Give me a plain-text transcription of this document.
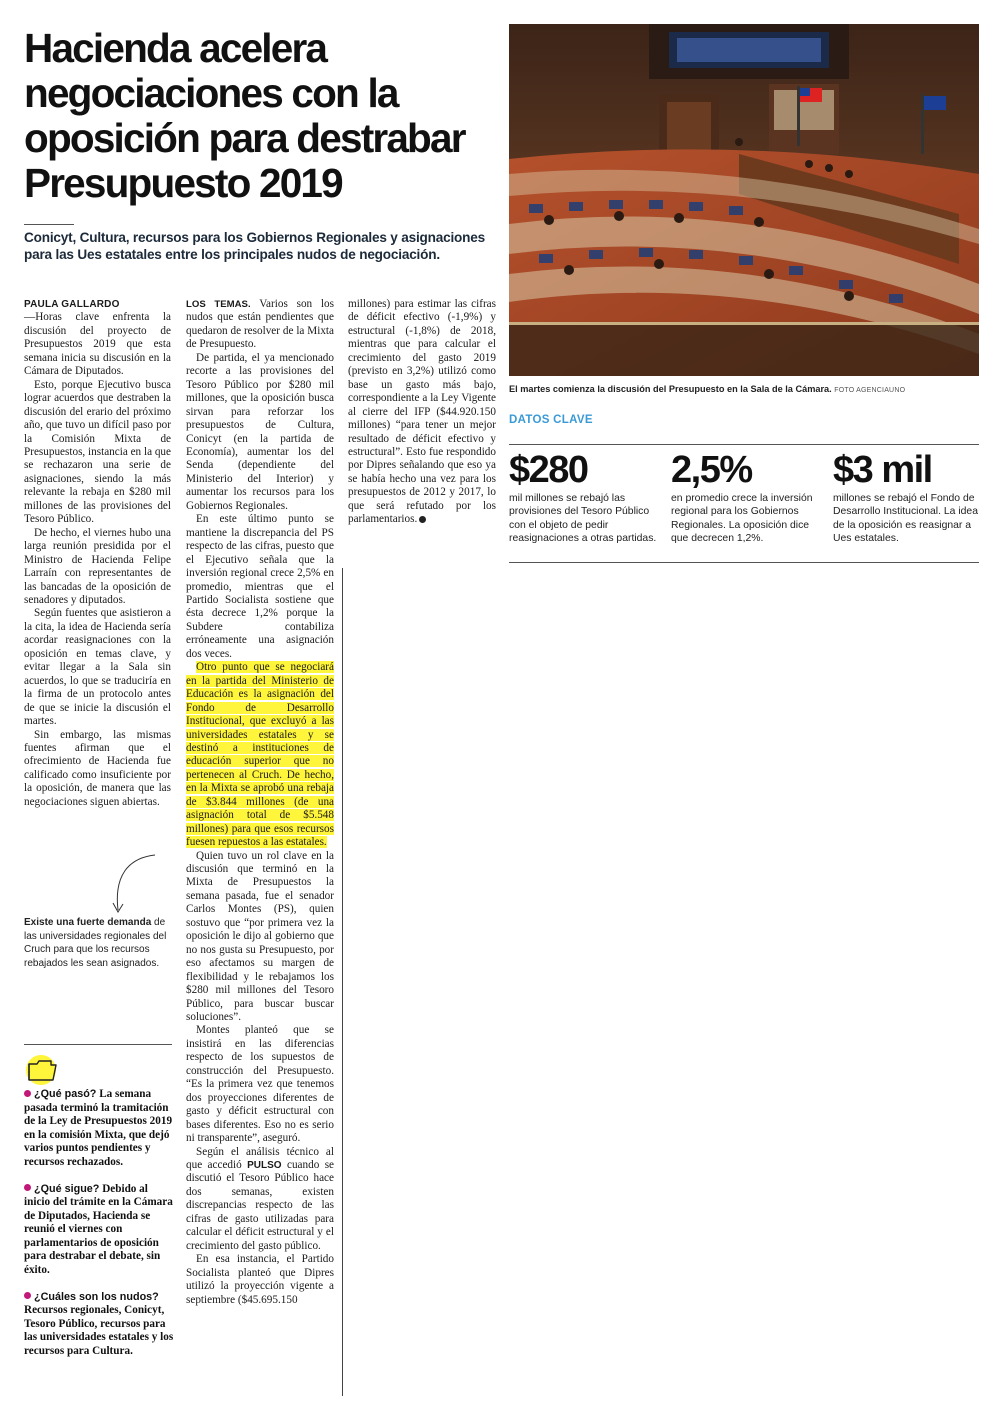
Hacienda acelera negociaciones con la oposición para destrabar Presupuesto 2019

Conicyt, Cultura, recursos para los Gobiernos Regionales y asignaciones para las Ues estatales entre los principales nudos de negociación.

PAULA GALLARDO

—Horas clave enfrenta la discusión del proyecto de Presupuestos 2019 que esta semana inicia su discusión en la Cámara de Diputados.

Esto, porque Ejecutivo busca lograr acuerdos que destraben la discusión del erario del próximo año, que tuvo un difícil paso por la Comisión Mixta de Presupuestos, instancia en la que se rechazaron una serie de asignaciones, siendo la más relevante la rebaja en $280 mil millones de las provisiones del Tesoro Público.

De hecho, el viernes hubo una larga reunión presidida por el Ministro de Hacienda Felipe Larraín con representantes de las bancadas de la oposición de senadores y diputados.

Según fuentes que asistieron a la cita, la idea de Hacienda sería acordar reasignaciones con la oposición en temas clave, y evitar llegar a la Sala sin acuerdos, lo que se traduciría en la firma de un protocolo antes de que se inicie la discusión el martes.

Sin embargo, las mismas fuentes afirman que el ofrecimiento de Hacienda fue calificado como insuficiente por la oposición, de manera que las negociaciones siguen abiertas.

Existe una fuerte demanda de las universidades regionales del Cruch para que los recursos rebajados les sean asignados.
¿Qué pasó? La semana pasada terminó la tramitación de la Ley de Presupuestos 2019 en la comisión Mixta, que dejó varios puntos pendientes y recursos rechazados.
¿Qué sigue? Debido al inicio del trámite en la Cámara de Diputados, Hacienda se reunió el viernes con parlamentarios de oposición para destrabar el debate, sin éxito.
¿Cuáles son los nudos? Recursos regionales, Conicyt, Tesoro Público, recursos para las universidades estatales y los recursos para Cultura.

LOS TEMAS. Varios son los nudos que están pendientes que quedaron de resolver de la Mixta de Presupuesto.

De partida, el ya mencionado recorte a las provisiones del Tesoro Público por $280 mil millones, que la oposición busca sirvan para reforzar los presupuestos de Cultura, Conicyt (en la partida de Economía), aumentar los del Senda (dependiente del Ministerio del Interior) y aumentar los recursos para los Gobiernos Regionales.

En este último punto se mantiene la discrepancia del PS respecto de las cifras, puesto que el Ejecutivo señala que la inversión regional crece 2,5% en promedio, mientras que el Partido Socialista sostiene que ésta decrece 1,2% porque la Subdere contabiliza erróneamente una asignación dos veces.

Otro punto que se negociará en la partida del Ministerio de Educación es la asignación del Fondo de Desarrollo Institucional, que excluyó a las universidades estatales y se destinó a instituciones de educación superior que no pertenecen al Cruch. De hecho, en la Mixta se aprobó una rebaja de $3.844 millones (de una asignación total de $5.548 millones) para que esos recursos fuesen repuestos a las estatales.

Quien tuvo un rol clave en la discusión que terminó en la Mixta de Presupuestos la semana pasada, fue el senador Carlos Montes (PS), quien sostuvo que “por primera vez la oposición le dijo al gobierno que no nos gusta su Presupuesto, por eso afectamos su margen de flexibilidad y le rebajamos los $280 mil millones del Tesoro Público, para buscar buscar soluciones”.

Montes planteó que se insistirá en las diferencias respecto de los supuestos de construcción del Presupuesto. “Es la primera vez que tenemos dos proyecciones diferentes de gasto y déficit estructural con bases diferentes. Eso no es serio ni transparente”, aseguró.

Según el análisis técnico al que accedió PULSO cuando se discutió el Tesoro Público hace dos semanas, existen discrepancias respecto de las cifras de gasto utilizadas para calcular el déficit estructural y el crecimiento del gasto público.

En esa instancia, el Partido Socialista planteó que Dipres utilizó la proyección vigente a septiembre ($45.695.150

millones) para estimar las cifras de déficit efectivo (-1,9%) y estructural (-1,8%) de 2018, mientras que para calcular el crecimiento del gasto 2019 (previsto en 3,2%) utilizó como base un gasto más bajo, correspondiente a la Ley Vigente al cierre del IFP ($44.920.150 millones) “para tener un mejor resultado de déficit efectivo y estructural”. Esto fue respondido por Dipres señalando que eso ya se había hecho una vez para los presupuestos de 2012 y 2017, lo que será refutado por los parlamentarios.

El martes comienza la discusión del Presupuesto en la Sala de la Cámara. FOTO AGENCIAUNO
DATOS CLAVE
$280
mil millones se rebajó las provisiones del Tesoro Público con el objeto de pedir reasignaciones a otras partidas.
2,5%
en promedio crece la inversión regional para los Gobiernos Regionales. La oposición dice que decrecen 1,2%.
$3 mil
millones se rebajó el Fondo de Desarrollo Institucional. La idea de la oposición es reasignar a Ues estatales.
